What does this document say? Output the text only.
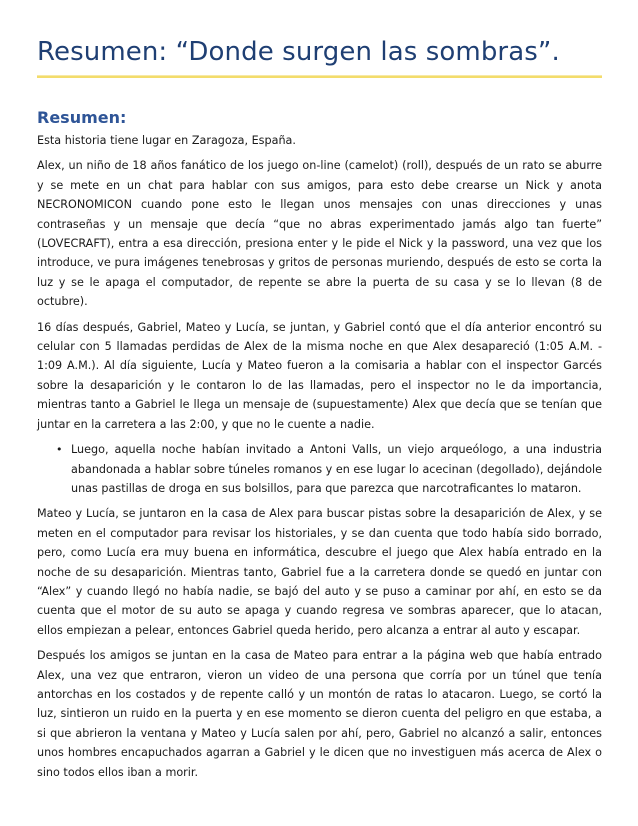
Resumen: “Donde surgen las sombras”.
Resumen:

Esta historia tiene lugar en Zaragoza, España.

Alex, un niño de 18 años fanático de los juego on-line (camelot) (roll), después de un rato se aburre y se mete en un chat para hablar con sus amigos, para esto debe crearse un Nick y anota NECRONOMICON cuando pone esto le llegan unos mensajes con unas direcciones y unas contraseñas y un mensaje que decía “que no abras experimentado jamás algo tan fuerte” (LOVECRAFT), entra a esa dirección, presiona enter y le pide el Nick y la password, una vez que los introduce, ve pura imágenes tenebrosas y gritos de personas muriendo, después de esto se corta la luz y se le apaga el computador, de repente se abre la puerta de su casa y se lo llevan (8 de octubre).

16 días después, Gabriel, Mateo y Lucía, se juntan, y Gabriel contó que el día anterior encontró su celular con 5 llamadas perdidas de Alex de la misma noche en que Alex desapareció (1:05 A.M. - 1:09 A.M.). Al día siguiente, Lucía y Mateo fueron a la comisaria a hablar con el inspector Garcés sobre la desaparición y le contaron lo de las llamadas, pero el inspector no le da importancia, mientras tanto a Gabriel le llega un mensaje de (supuestamente) Alex que decía que se tenían que juntar en la carretera a las 2:00, y que no le cuente a nadie.

• Luego, aquella noche habían invitado a Antoni Valls, un viejo arqueólogo, a una industria abandonada a hablar sobre túneles romanos y en ese lugar lo acecinan (degollado), dejándole unas pastillas de droga en sus bolsillos, para que parezca que narcotraficantes lo mataron.

Mateo y Lucía, se juntaron en la casa de Alex para buscar pistas sobre la desaparición de Alex, y se meten en el computador para revisar los historiales, y se dan cuenta que todo había sido borrado, pero, como Lucía era muy buena en informática, descubre el juego que Alex había entrado en la noche de su desaparición. Mientras tanto, Gabriel fue a la carretera donde se quedó en juntar con “Alex” y cuando llegó no había nadie, se bajó del auto y se puso a caminar por ahí, en esto se da cuenta que el motor de su auto se apaga y cuando regresa ve sombras aparecer, que lo atacan, ellos empiezan a pelear, entonces Gabriel queda herido, pero alcanza a entrar al auto y escapar.

Después los amigos se juntan en la casa de Mateo para entrar a la página web que había entrado Alex, una vez que entraron, vieron un video de una persona que corría por un túnel que tenía antorchas en los costados y de repente calló y un montón de ratas lo atacaron. Luego, se cortó la luz, sintieron un ruido en la puerta y en ese momento se dieron cuenta del peligro en que estaba, a si que abrieron la ventana y Mateo y Lucía salen por ahí, pero, Gabriel no alcanzó a salir, entonces unos hombres encapuchados agarran a Gabriel y le dicen que no investiguen más acerca de Alex o sino todos ellos iban a morir.
